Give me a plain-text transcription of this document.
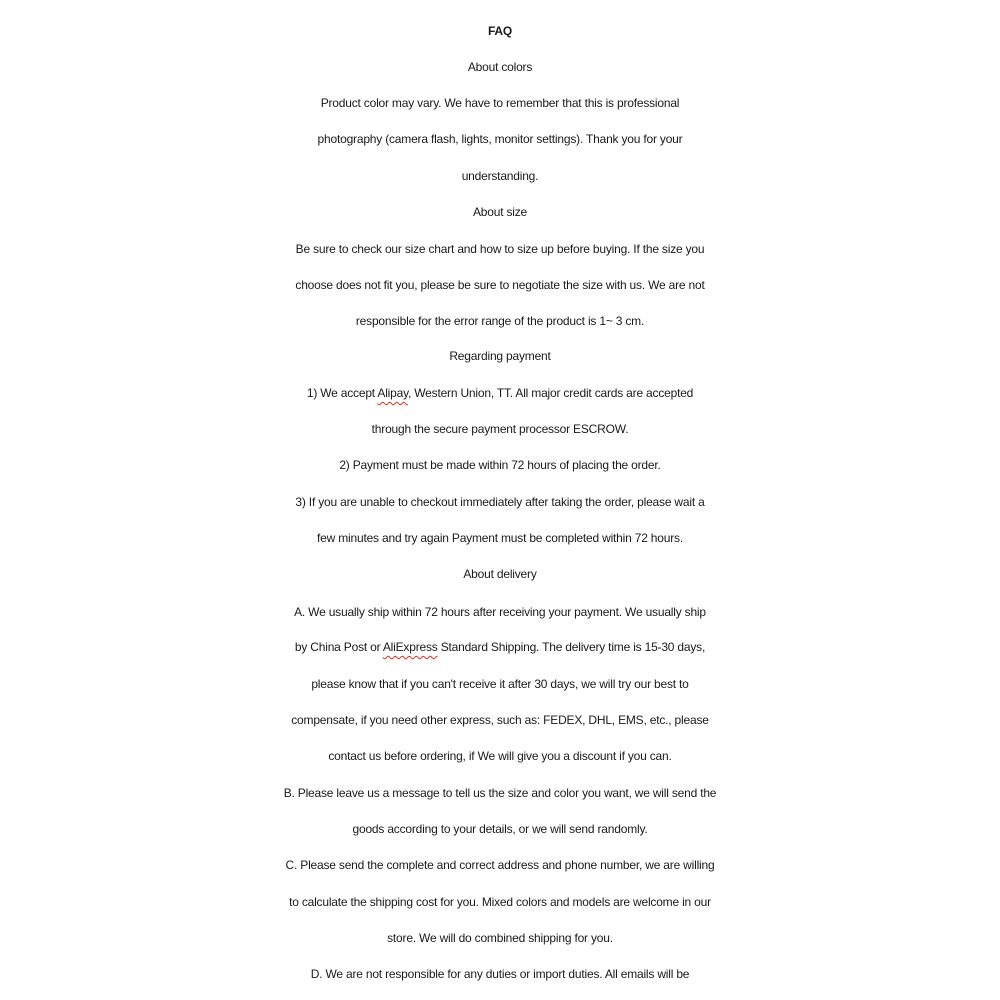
FAQ
About colors
Product color may vary. We have to remember that this is professional
photography (camera flash, lights, monitor settings). Thank you for your
understanding.
About size
Be sure to check our size chart and how to size up before buying. If the size you
choose does not fit you, please be sure to negotiate the size with us. We are not
responsible for the error range of the product is 1~ 3 cm.
Regarding payment
1) We accept Alipay, Western Union, TT. All major credit cards are accepted
through the secure payment processor ESCROW.
2) Payment must be made within 72 hours of placing the order.
3) If you are unable to checkout immediately after taking the order, please wait a
few minutes and try again Payment must be completed within 72 hours.
About delivery
A. We usually ship within 72 hours after receiving your payment. We usually ship
by China Post or AliExpress Standard Shipping. The delivery time is 15-30 days,
please know that if you can't receive it after 30 days, we will try our best to
compensate, if you need other express, such as: FEDEX, DHL, EMS, etc., please
contact us before ordering, if We will give you a discount if you can.
B. Please leave us a message to tell us the size and color you want, we will send the
goods according to your details, or we will send randomly.
C. Please send the complete and correct address and phone number, we are willing
to calculate the shipping cost for you. Mixed colors and models are welcome in our
store. We will do combined shipping for you.
D. We are not responsible for any duties or import duties. All emails will be
